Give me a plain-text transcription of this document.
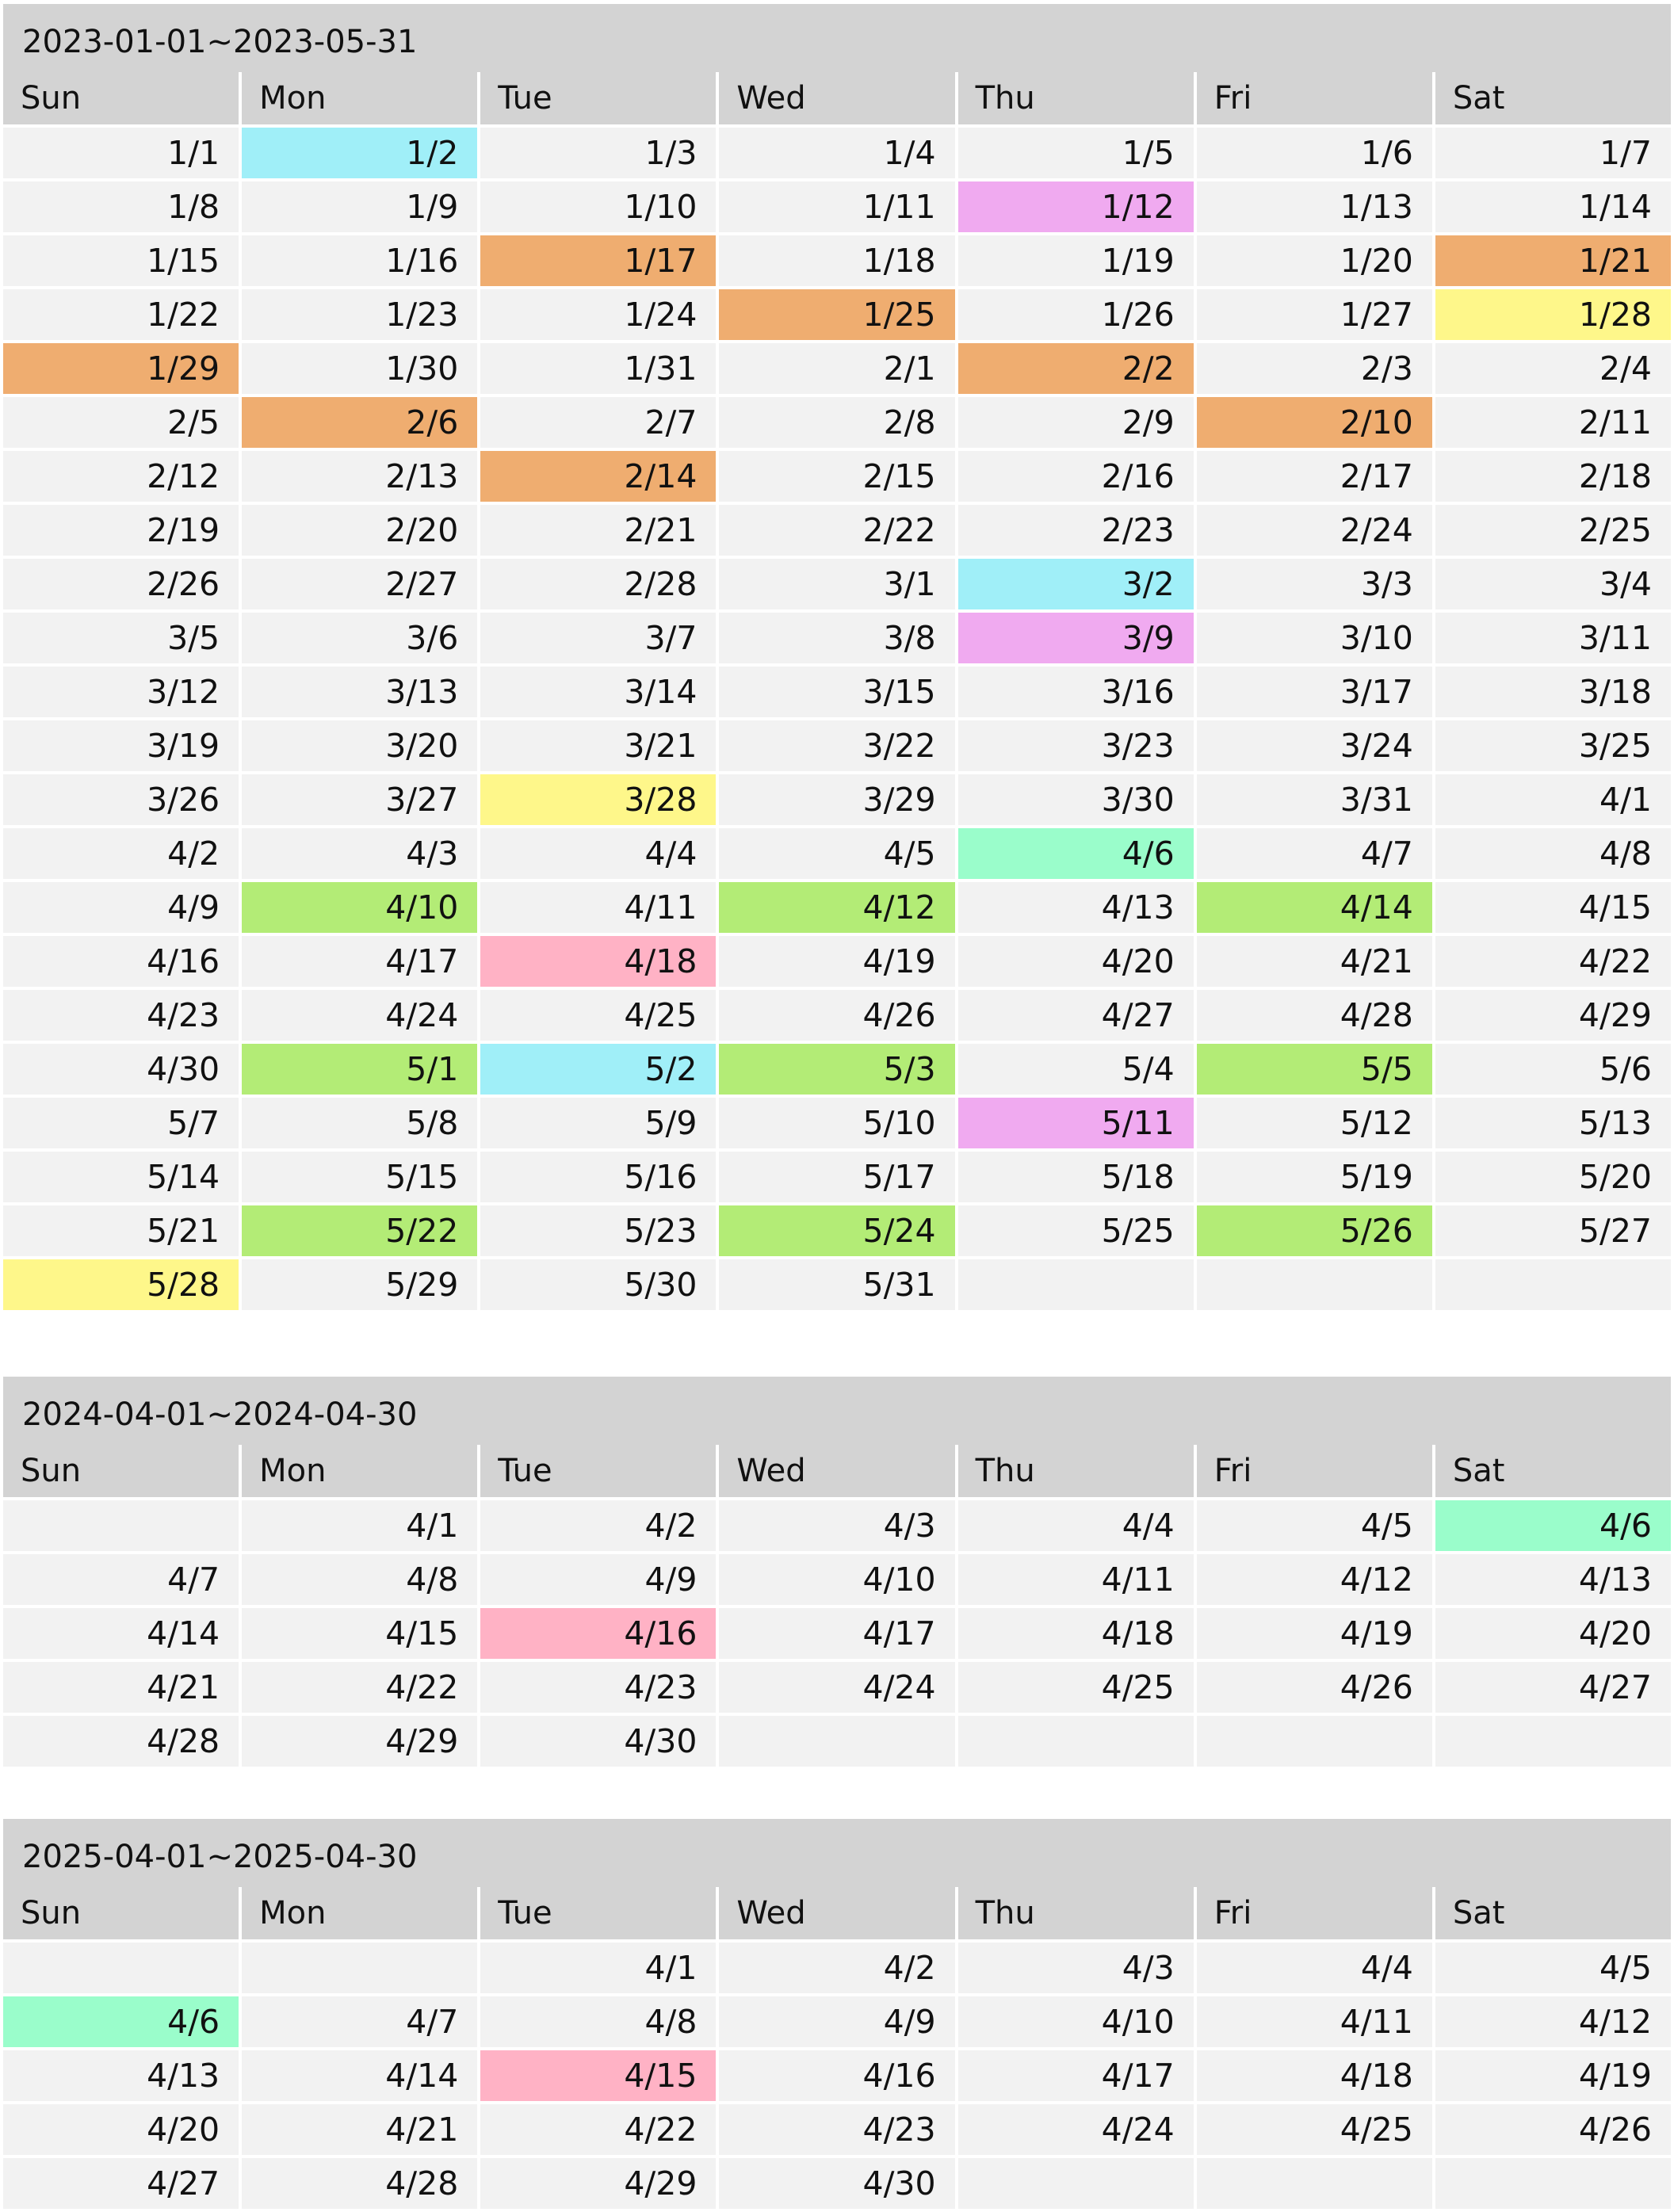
2023-01-01~2023-05-31
Sun	Mon	Tue	Wed	Thu	Fri	Sat
1/1	1/2	1/3	1/4	1/5	1/6	1/7
1/8	1/9	1/10	1/11	1/12	1/13	1/14
1/15	1/16	1/17	1/18	1/19	1/20	1/21
1/22	1/23	1/24	1/25	1/26	1/27	1/28
1/29	1/30	1/31	2/1	2/2	2/3	2/4
2/5	2/6	2/7	2/8	2/9	2/10	2/11
2/12	2/13	2/14	2/15	2/16	2/17	2/18
2/19	2/20	2/21	2/22	2/23	2/24	2/25
2/26	2/27	2/28	3/1	3/2	3/3	3/4
3/5	3/6	3/7	3/8	3/9	3/10	3/11
3/12	3/13	3/14	3/15	3/16	3/17	3/18
3/19	3/20	3/21	3/22	3/23	3/24	3/25
3/26	3/27	3/28	3/29	3/30	3/31	4/1
4/2	4/3	4/4	4/5	4/6	4/7	4/8
4/9	4/10	4/11	4/12	4/13	4/14	4/15
4/16	4/17	4/18	4/19	4/20	4/21	4/22
4/23	4/24	4/25	4/26	4/27	4/28	4/29
4/30	5/1	5/2	5/3	5/4	5/5	5/6
5/7	5/8	5/9	5/10	5/11	5/12	5/13
5/14	5/15	5/16	5/17	5/18	5/19	5/20
5/21	5/22	5/23	5/24	5/25	5/26	5/27
5/28	5/29	5/30	5/31			
2024-04-01~2024-04-30
Sun	Mon	Tue	Wed	Thu	Fri	Sat
	4/1	4/2	4/3	4/4	4/5	4/6
4/7	4/8	4/9	4/10	4/11	4/12	4/13
4/14	4/15	4/16	4/17	4/18	4/19	4/20
4/21	4/22	4/23	4/24	4/25	4/26	4/27
4/28	4/29	4/30				
2025-04-01~2025-04-30
Sun	Mon	Tue	Wed	Thu	Fri	Sat
		4/1	4/2	4/3	4/4	4/5
4/6	4/7	4/8	4/9	4/10	4/11	4/12
4/13	4/14	4/15	4/16	4/17	4/18	4/19
4/20	4/21	4/22	4/23	4/24	4/25	4/26
4/27	4/28	4/29	4/30			
